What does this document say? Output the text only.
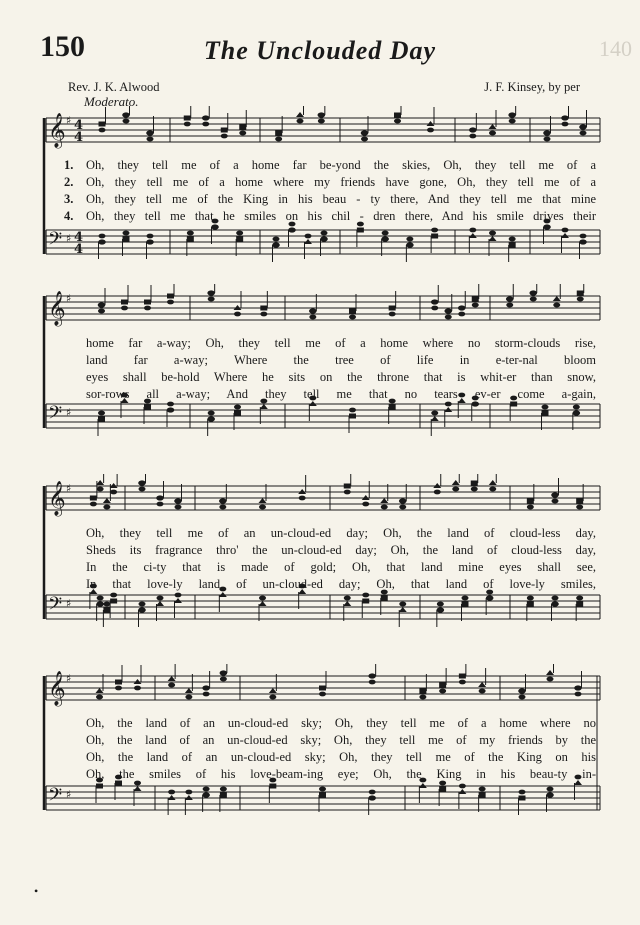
150	The Unclouded Day	140
Rev. J. K. Alwood	J. F. Kinsey, by per
Moderato.
𝄞 ♯
𝄢 ♯
4
4
4
4
𝄞 ♯
𝄢 ♯
𝄞 ♯
𝄢 ♯
𝄞 ♯
𝄢 ♯
•
1. Oh, they tell me of a home far be-yond the skies, Oh, they tell me of a
2. Oh, they tell me of a home where my friends have gone, Oh, they tell me of a
3. Oh, they tell me of the King in his beau - ty there, And they tell me that mine
4. Oh, they tell me that he smiles on his chil - dren there, And his smile drives their
home far a-way; Oh, they tell me of a home where no storm-clouds rise,
land far a-way; Where the tree of life in e-ter-nal bloom
eyes shall be-hold Where he sits on the throne that is whit-er than snow,
sor-rows all a-way; And they tell me that no tears ev-er come a-gain,
Oh, they tell me of an un-cloud-ed day; Oh, the land of cloud-less day,
Sheds its fragrance thro' the un-cloud-ed day; Oh, the land of cloud-less day,
In the ci-ty that is made of gold; Oh, that land mine eyes shall see,
In that love-ly land of un-cloud-ed day; Oh, that land of love-ly smiles,
Oh, the land of an un-cloud-ed sky; Oh, they tell me of a home where no
Oh, the land of an un-cloud-ed sky; Oh, they tell me of my friends by the
Oh, the land of an un-cloud-ed sky; Oh, they tell me of the King on his
Oh, the smiles of his love-beam-ing eye; Oh, the King in his beau-ty in-
